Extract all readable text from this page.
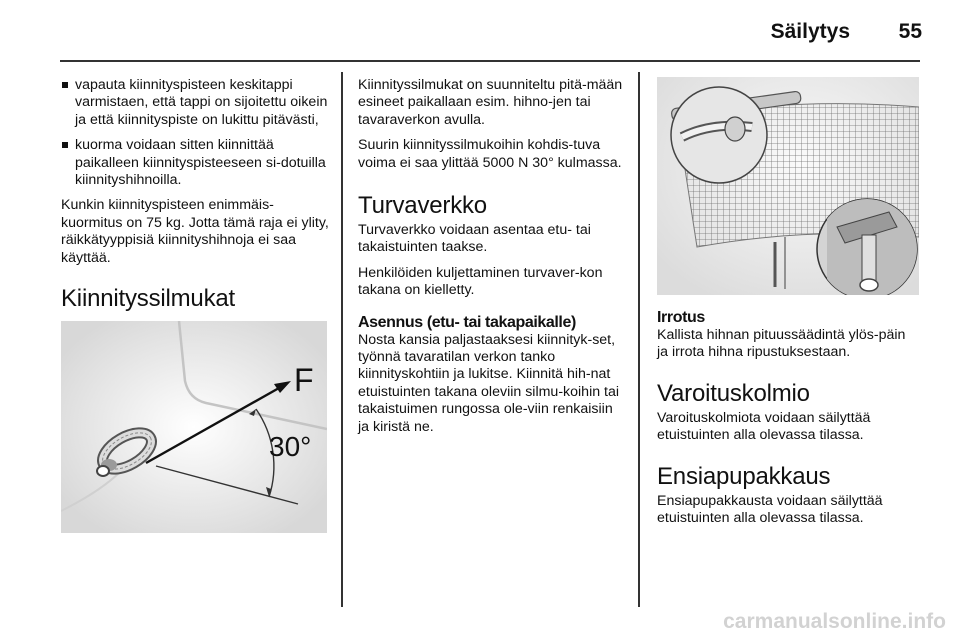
Säilytys	55
vapauta kiinnityspisteen keskitappi varmistaen, että tappi on sijoitettu oikein ja että kiinnityspiste on lukittu pitävästi,
kuorma voidaan sitten kiinnittää paikalleen kiinnityspisteeseen si-dotuilla kiinnityshihnoilla.

Kunkin kiinnityspisteen enimmäis-kuormitus on 75 kg. Jotta tämä raja ei ylity, räikkätyyppisiä kiinnityshihnoja ei saa käyttää.

Kiinnityssilmukat
F
30°

Kiinnityssilmukat on suunniteltu pitä-mään esineet paikallaan esim. hihno-jen tai tavaraverkon avulla.

Suurin kiinnityssilmukoihin kohdis-tuva voima ei saa ylittää 5000 N 30° kulmassa.

Turvaverkko

Turvaverkko voidaan asentaa etu- tai takaistuinten taakse.

Henkilöiden kuljettaminen turvaver-kon takana on kielletty.

Asennus (etu- tai takapaikalle)

Nosta kansia paljastaaksesi kiinnityk-set, työnnä tavaratilan verkon tanko kiinnityskohtiin ja lukitse. Kiinnitä hih-nat etuistuinten takana oleviin silmu-koihin tai takaistuimen rungossa ole-viin renkaisiin ja kiristä ne.

Irrotus

Kallista hihnan pituussäädintä ylös-päin ja irrota hihna ripustuksestaan.

Varoituskolmio

Varoituskolmiota voidaan säilyttää etuistuinten alla olevassa tilassa.

Ensiapupakkaus

Ensiapupakkausta voidaan säilyttää etuistuinten alla olevassa tilassa.

carmanualsonline.info
